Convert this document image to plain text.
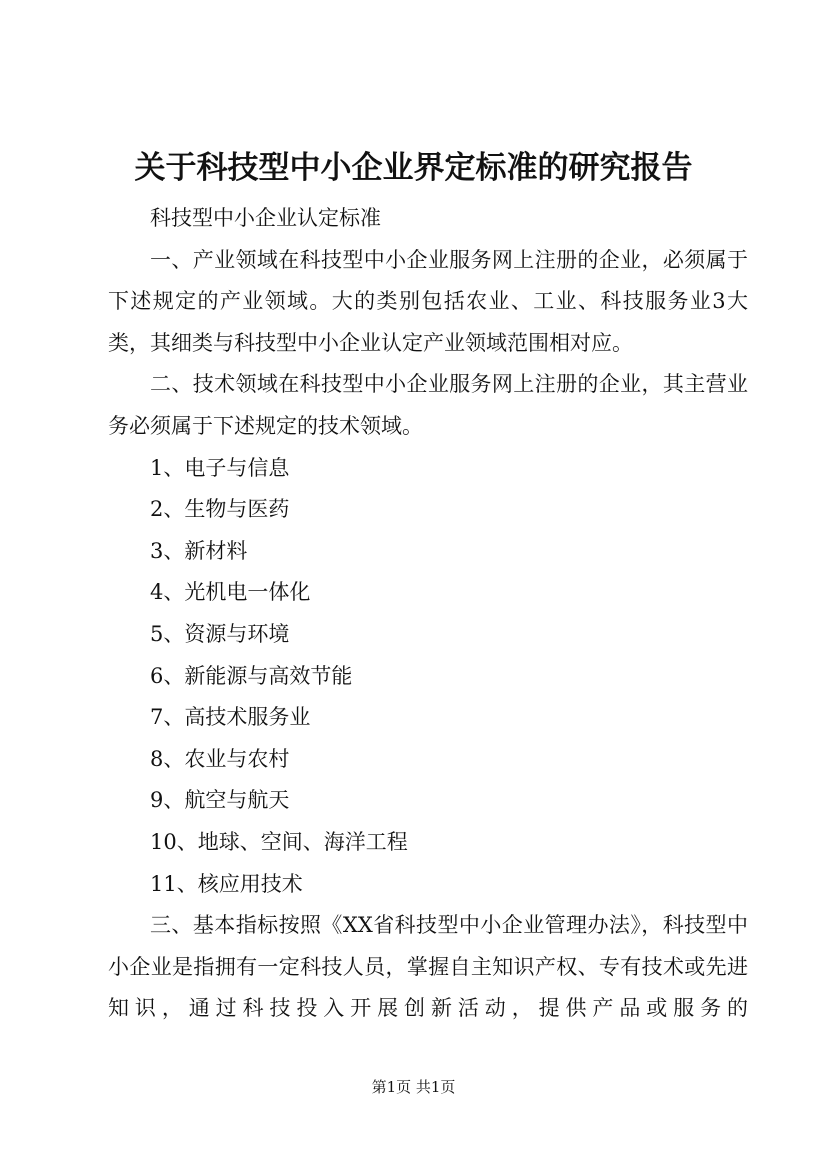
关于科技型中小企业界定标准的研究报告

科技型中小企业认定标准

一、产业领域在科技型中小企业服务网上注册的企业，必须属于下述规定的产业领域。大的类别包括农业、工业、科技服务业3大类，其细类与科技型中小企业认定产业领域范围相对应。

二、技术领域在科技型中小企业服务网上注册的企业，其主营业务必须属于下述规定的技术领域。

1、电子与信息

2、生物与医药

3、新材料

4、光机电一体化

5、资源与环境

6、新能源与高效节能

7、高技术服务业

8、农业与农村

9、航空与航天

10、地球、空间、海洋工程

11、核应用技术

三、基本指标按照《XX省科技型中小企业管理办法》，科技型中小企业是指拥有一定科技人员，掌握自主知识产权、专有技术或先进知识，通过科技投入开展创新活动，提供产品或服务的

第1页 共1页
